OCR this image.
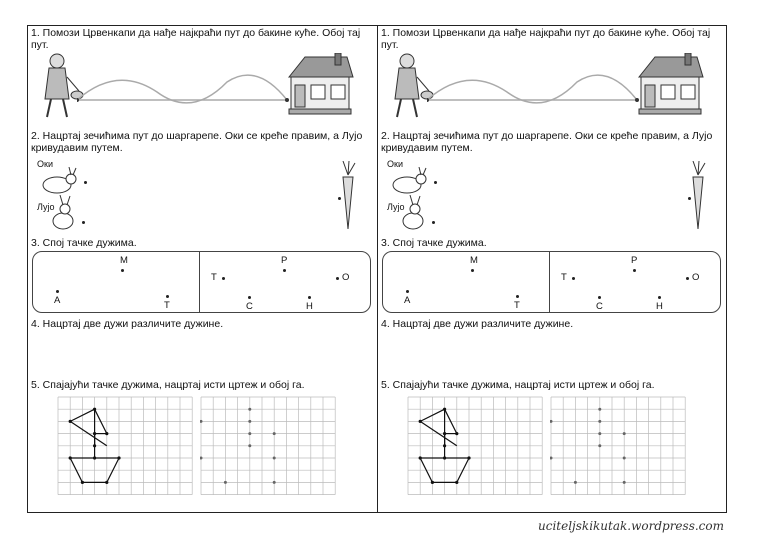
1. Помози Црвенкапи да нађе најкраћи пут до бакине куће. Обој тај пут.
2. Нацртај зечићима пут до шаргарепе. Оки се креће правим, а Лујо кривудавим путем.
Оки
Лујо
3. Спој тачке дужима.
M
A	T
P
T	O
C	H
4. Нацртај две дужи различите дужине.
5. Спајајући тачке дужима, нацртај исти цртеж и обој га.
1. Помози Црвенкапи да нађе најкраћи пут до бакине куће. Обој тај пут.
2. Нацртај зечићима пут до шаргарепе. Оки се креће правим, а Лујо кривудавим путем.
Оки
Лујо
3. Спој тачке дужима.
M
A	T
P
T	O
C	H
4. Нацртај две дужи различите дужине.
5. Спајајући тачке дужима, нацртај исти цртеж и обој га.
uciteljskikutak.wordpress.com
